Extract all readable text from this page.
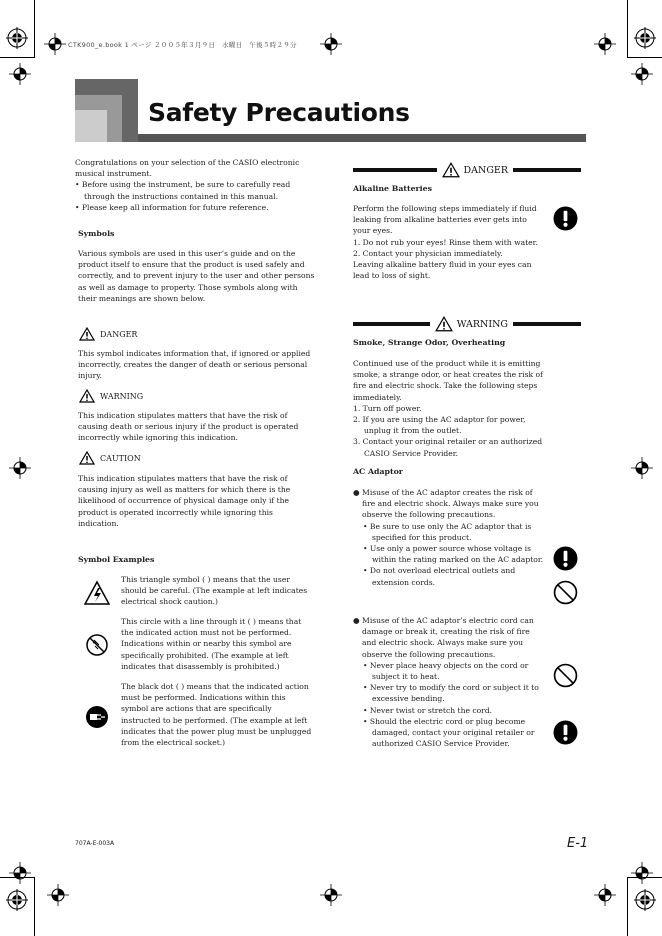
CTK900_e.book 1 ページ ２００５年３月９日　水曜日　午後５時２９分
Safety Precautions

Congratulations on your selection of the CASIO electronic musical instrument.

• Before using the instrument, be sure to carefully read through the instructions contained in this manual.

• Please keep all information for future reference.

Symbols
Various symbols are used in this user’s guide and on the product itself to ensure that the product is used safely and correctly, and to prevent injury to the user and other persons as well as damage to property. Those symbols along with their meanings are shown below.
DANGER
This symbol indicates information that, if ignored or applied incorrectly, creates the danger of death or serious personal injury.
WARNING
This indication stipulates matters that have the risk of causing death or serious injury if the product is operated incorrectly while ignoring this indication.
CAUTION
This indication stipulates matters that have the risk of causing injury as well as matters for which there is the likelihood of occurrence of physical damage only if the product is operated incorrectly while ignoring this indication.
Symbol Examples
This triangle symbol ( ) means that the user should be careful. (The example at left indicates electrical shock caution.)
This circle with a line through it ( ) means that the indicated action must not be performed. Indications within or nearby this symbol are specifically prohibited. (The example at left indicates that disassembly is prohibited.)
The black dot ( ) means that the indicated action must be performed. Indications within this symbol are actions that are specifically instructed to be performed. (The example at left indicates that the power plug must be unplugged from the electrical socket.)
DANGER
Alkaline Batteries

Perform the following steps immediately if fluid leaking from alkaline batteries ever gets into your eyes.

1. Do not rub your eyes! Rinse them with water.

2. Contact your physician immediately.

Leaving alkaline battery fluid in your eyes can lead to loss of sight.

WARNING
Smoke, Strange Odor, Overheating

Continued use of the product while it is emitting smoke, a strange odor, or heat creates the risk of fire and electric shock. Take the following steps immediately.

1. Turn off power.

2. If you are using the AC adaptor for power, unplug it from the outlet.

3. Contact your original retailer or an authorized CASIO Service Provider.

AC Adaptor

● Misuse of the AC adaptor creates the risk of fire and electric shock. Always make sure you observe the following precautions.

• Be sure to use only the AC adaptor that is specified for this product.

• Use only a power source whose voltage is within the rating marked on the AC adaptor.

• Do not overload electrical outlets and extension cords.

● Misuse of the AC adaptor’s electric cord can damage or break it, creating the risk of fire and electric shock. Always make sure you observe the following precautions.

• Never place heavy objects on the cord or subject it to heat.

• Never try to modify the cord or subject it to excessive bending.

• Never twist or stretch the cord.

• Should the electric cord or plug become damaged, contact your original retailer or authorized CASIO Service Provider.

707A-E-003A	E-1
